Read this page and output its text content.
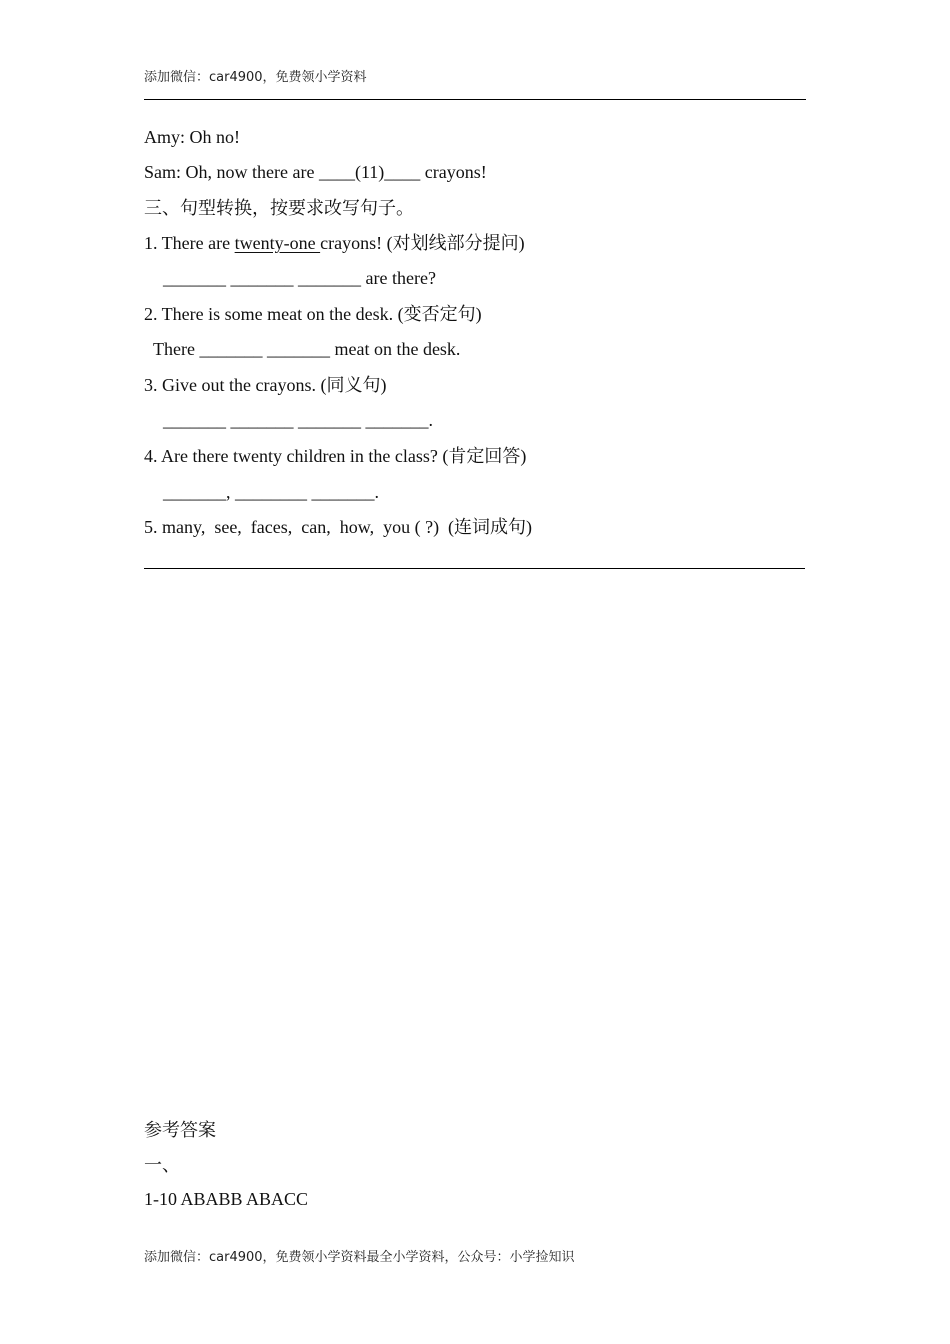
添加微信：car4900，免费领小学资料
Amy: Oh no!
Sam: Oh, now there are ____(11)____ crayons!
三、句型转换，按要求改写句子。
1. There are twenty-one crayons! (对划线部分提问)
_______ _______ _______ are there?
2. There is some meat on the desk. (变否定句)
There _______ _______ meat on the desk.
3. Give out the crayons. (同义句)
_______ _______ _______ _______.
4. Are there twenty children in the class? (肯定回答)
_______, ________ _______.
5. many,  see,  faces,  can,  how,  you ( ?)  (连词成句)
参考答案
一、
1-10 ABABB ABACC
添加微信：car4900，免费领小学资料最全小学资料，公众号：小学捡知识
